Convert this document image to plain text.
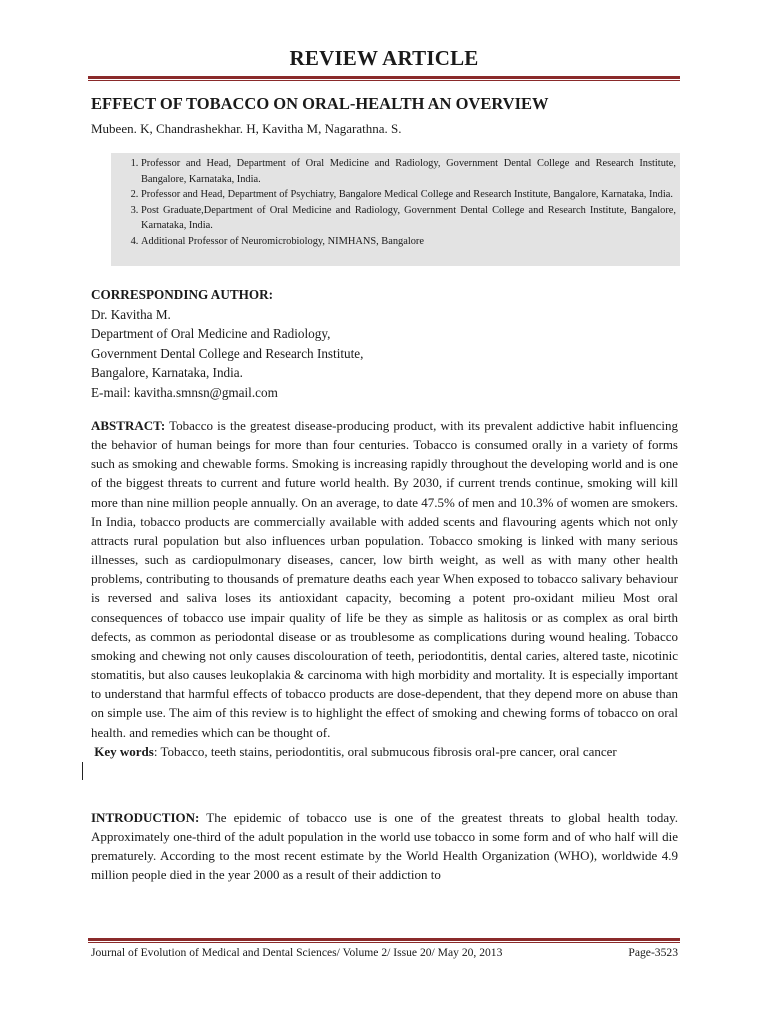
REVIEW ARTICLE
EFFECT OF TOBACCO ON ORAL-HEALTH AN OVERVIEW
Mubeen. K, Chandrashekhar. H, Kavitha M, Nagarathna. S.
1. Professor and Head, Department of Oral Medicine and Radiology, Government Dental College and Research Institute, Bangalore, Karnataka, India.
2. Professor and Head, Department of Psychiatry, Bangalore Medical College and Research Institute, Bangalore, Karnataka, India.
3. Post Graduate,Department of Oral Medicine and Radiology, Government Dental College and Research Institute, Bangalore, Karnataka, India.
4. Additional Professor of Neuromicrobiology, NIMHANS, Bangalore
CORRESPONDING AUTHOR:
Dr. Kavitha M.
Department of Oral Medicine and Radiology,
Government Dental College and Research Institute,
Bangalore, Karnataka, India.
E-mail: kavitha.smnsn@gmail.com

ABSTRACT: Tobacco is the greatest disease-producing product, with its prevalent addictive habit influencing the behavior of human beings for more than four centuries. Tobacco is consumed orally in a variety of forms such as smoking and chewable forms. Smoking is increasing rapidly throughout the developing world and is one of the biggest threats to current and future world health. By 2030, if current trends continue, smoking will kill more than nine million people annually. On an average, to date 47.5% of men and 10.3% of women are smokers. In India, tobacco products are commercially available with added scents and flavouring agents which not only attracts rural population but also influences urban population. Tobacco smoking is linked with many serious illnesses, such as cardiopulmonary diseases, cancer, low birth weight, as well as with many other health problems, contributing to thousands of premature deaths each year When exposed to tobacco salivary behaviour is reversed and saliva loses its antioxidant capacity, becoming a potent pro-oxidant milieu Most oral consequences of tobacco use impair quality of life be they as simple as halitosis or as complex as oral birth defects, as common as periodontal disease or as troublesome as complications during wound healing. Tobacco smoking and chewing not only causes discolouration of teeth, periodontitis, dental caries, altered taste, nicotinic stomatitis, but also causes leukoplakia & carcinoma with high morbidity and mortality. It is especially important to understand that harmful effects of tobacco products are dose-dependent, that they depend more on abuse than on simple use. The aim of this review is to highlight the effect of smoking and chewing forms of tobacco on oral health. and remedies which can be thought of.

Key words: Tobacco, teeth stains, periodontitis, oral submucous fibrosis oral-pre cancer, oral cancer

INTRODUCTION: The epidemic of tobacco use is one of the greatest threats to global health today. Approximately one-third of the adult population in the world use tobacco in some form and of who half will die prematurely. According to the most recent estimate by the World Health Organization (WHO), worldwide 4.9 million people died in the year 2000 as a result of their addiction to

Journal of Evolution of Medical and Dental Sciences/ Volume 2/ Issue 20/ May 20, 2013	Page-3523
